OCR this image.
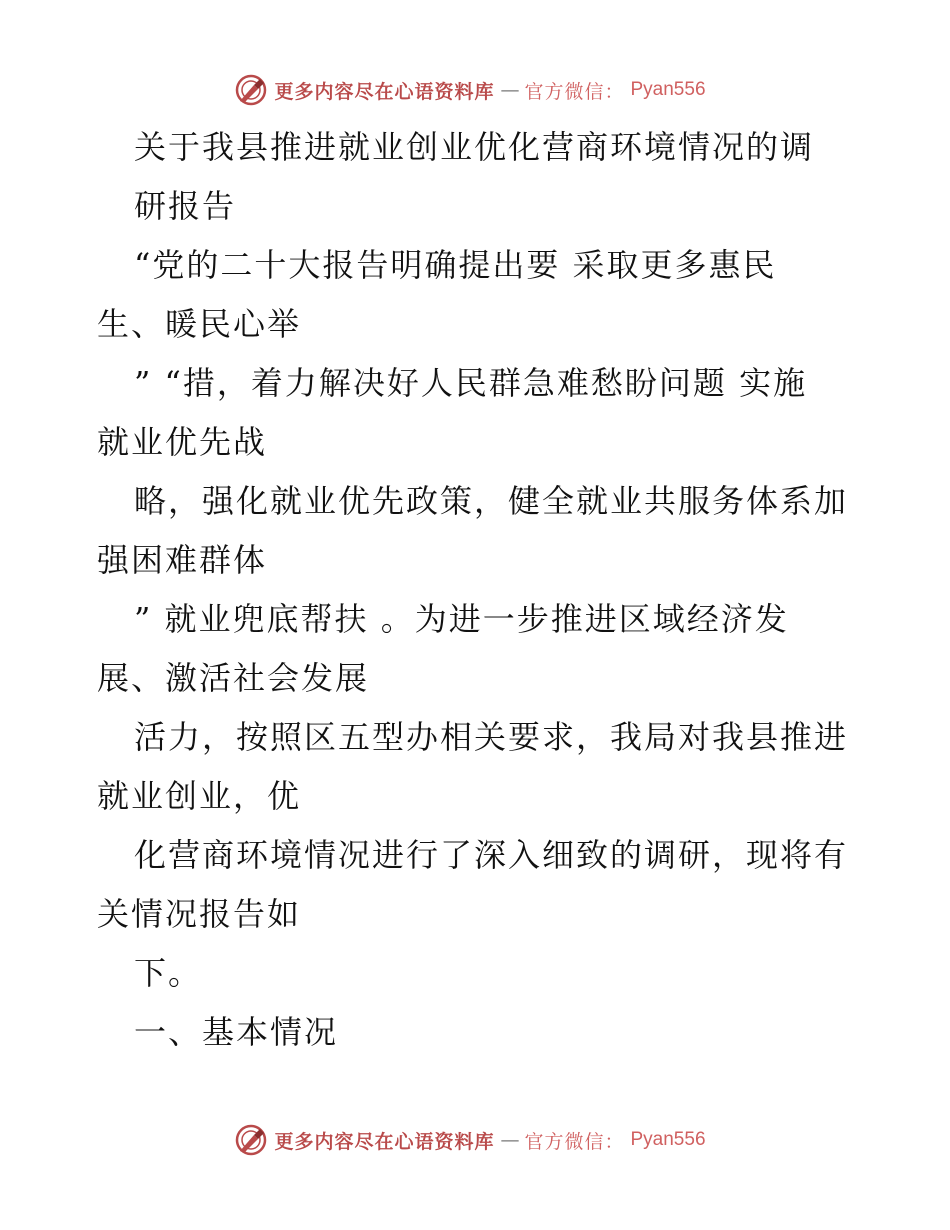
更多内容尽在心语资料库 — 官方微信： Pyan556
关于我县推进就业创业优化营商环境情况的调
研报告
“党的二十大报告明确提出要 采取更多惠民
生、暖民心举
” “措，着力解决好人民群急难愁盼问题 实施
就业优先战
略，强化就业优先政策，健全就业共服务体系加
强困难群体
” 就业兜底帮扶 。为进一步推进区域经济发
展、激活社会发展
活力，按照区五型办相关要求，我局对我县推进
就业创业，优
化营商环境情况进行了深入细致的调研，现将有
关情况报告如
下。
一、基本情况
更多内容尽在心语资料库 — 官方微信： Pyan556
